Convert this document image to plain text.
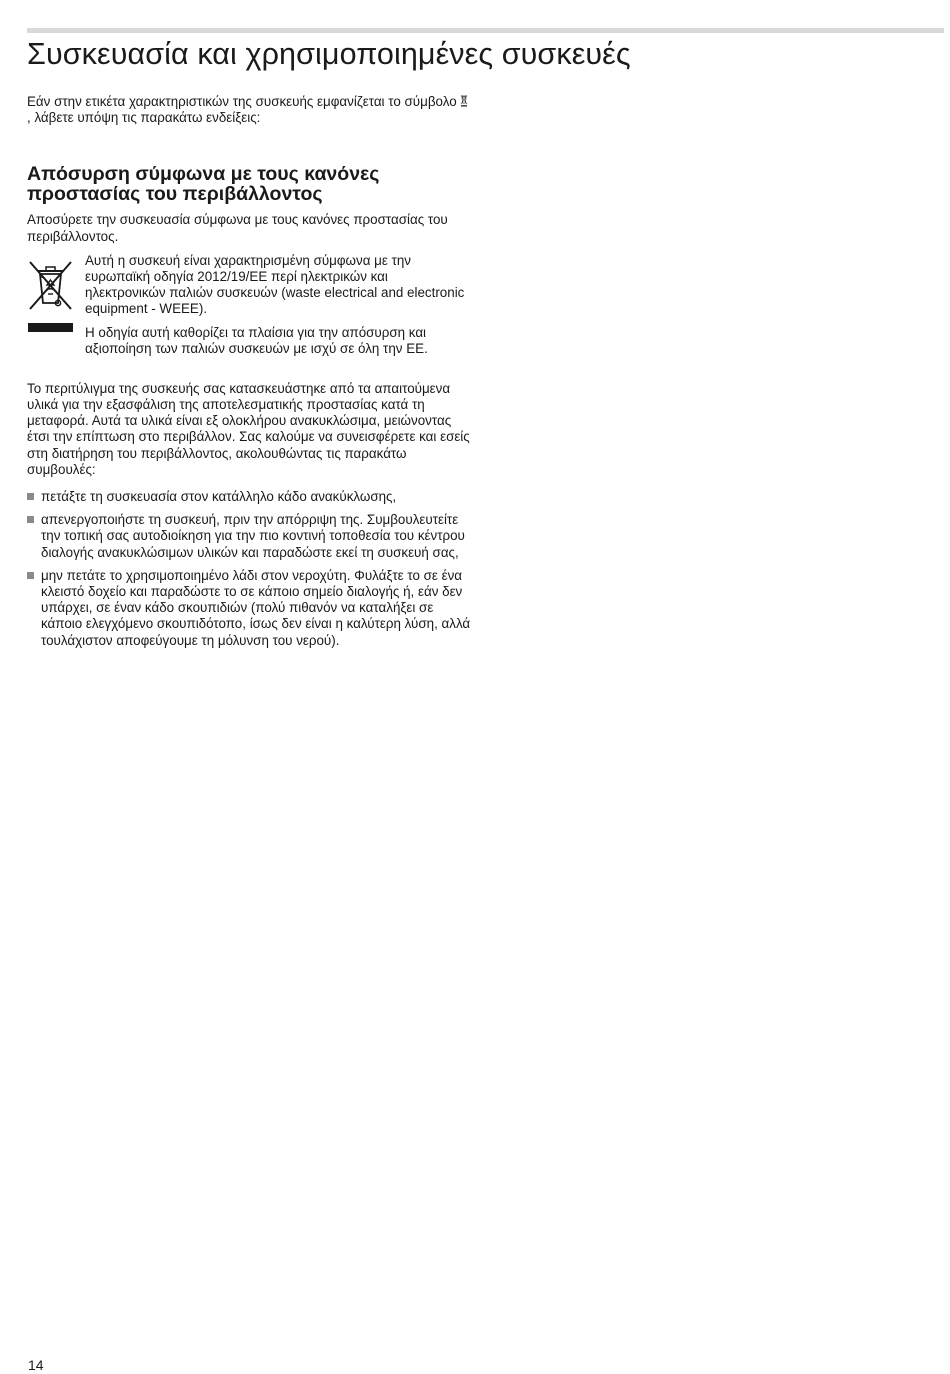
Συσκευασία και χρησιμοποιημένες συσκευές

Εάν στην ετικέτα χαρακτηριστικών της συσκευής εμφανίζεται το σύμβολο , λάβετε υπόψη τις παρακάτω ενδείξεις:

Απόσυρση σύμφωνα με τους κανόνες προστασίας του περιβάλλοντος

Αποσύρετε την συσκευασία σύμφωνα με τους κανόνες προστασίας του περιβάλλοντος.

Αυτή η συσκευή είναι χαρακτηρισμένη σύμφωνα με την ευρωπαϊκή οδηγία 2012/19/ΕΕ περί ηλεκτρικών και ηλεκτρονικών παλιών συσκευών (waste electrical and electronic equipment - WEEE).

Η οδηγία αυτή καθορίζει τα πλαίσια για την απόσυρση και αξιοποίηση των παλιών συσκευών με ισχύ σε όλη την ΕΕ.

Το περιτύλιγμα της συσκευής σας κατασκευάστηκε από τα απαιτούμενα υλικά για την εξασφάλιση της αποτελεσματικής προστασίας κατά τη μεταφορά. Αυτά τα υλικά είναι εξ ολοκλήρου ανακυκλώσιμα, μειώνοντας έτσι την επίπτωση στο περιβάλλον. Σας καλούμε να συνεισφέρετε και εσείς στη διατήρηση του περιβάλλοντος, ακολουθώντας τις παρακάτω συμβουλές:

πετάξτε τη συσκευασία στον κατάλληλο κάδο ανακύκλωσης,
απενεργοποιήστε τη συσκευή, πριν την απόρριψη της. Συμβουλευτείτε την τοπική σας αυτοδιοίκηση για την πιο κοντινή τοποθεσία του κέντρου διαλογής ανακυκλώσιμων υλικών και παραδώστε εκεί τη συσκευή σας,
μην πετάτε το χρησιμοποιημένο λάδι στον νεροχύτη. Φυλάξτε το σε ένα κλειστό δοχείο και παραδώστε το σε κάποιο σημείο διαλογής ή, εάν δεν υπάρχει, σε έναν κάδο σκουπιδιών (πολύ πιθανόν να καταλήξει σε κάποιο ελεγχόμενο σκουπιδότοπο, ίσως δεν είναι η καλύτερη λύση, αλλά τουλάχιστον αποφεύγουμε τη μόλυνση του νερού).
14
